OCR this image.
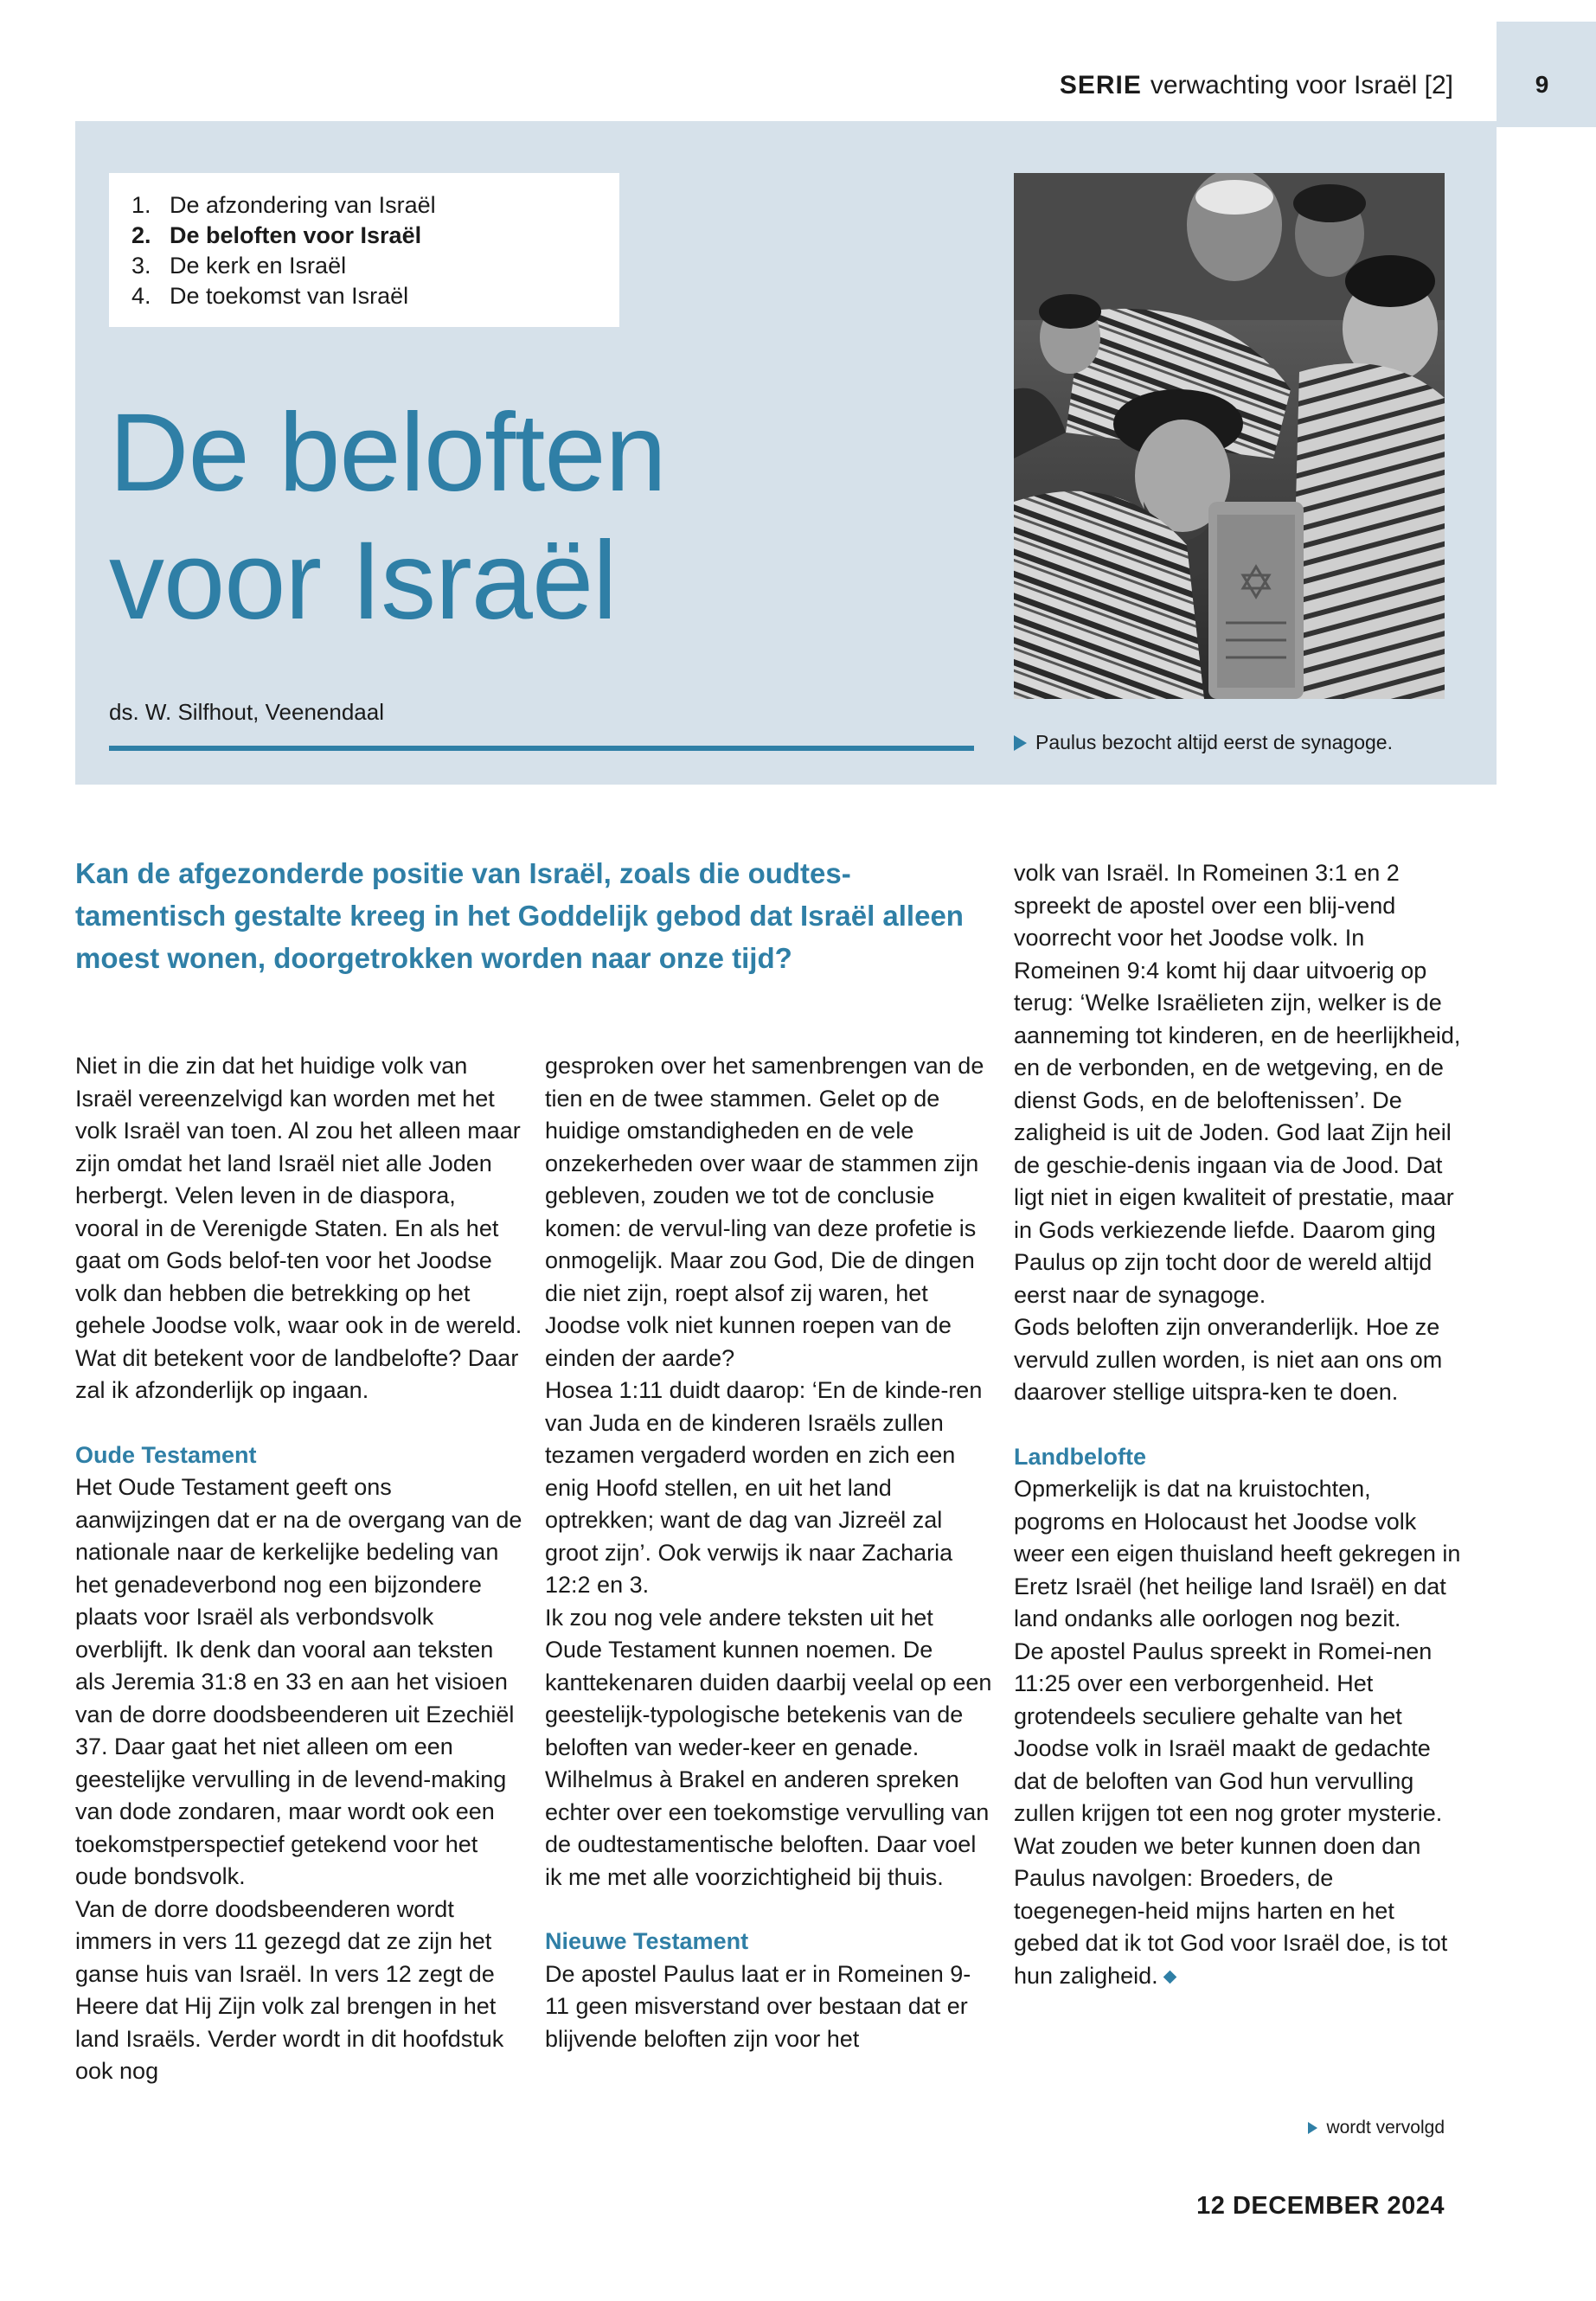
SERIE verwachting voor Israël [2]	9
1. De afzondering van Israël
2. De beloften voor Israël
3. De kerk en Israël
4. De toekomst van Israël
De beloften
voor Israël
ds. W. Silfhout, Veenendaal
Paulus bezocht altijd eerst de synagoge.
Kan de afgezonderde positie van Israël, zoals die oudtes-tamentisch gestalte kreeg in het Goddelijk gebod dat Israël alleen moest wonen, doorgetrokken worden naar onze tijd?

Niet in die zin dat het huidige volk van Israël vereenzelvigd kan worden met het volk Israël van toen. Al zou het alleen maar zijn omdat het land Israël niet alle Joden herbergt. Velen leven in de diaspora, vooral in de Verenigde Staten. En als het gaat om Gods belof-ten voor het Joodse volk dan hebben die betrekking op het gehele Joodse volk, waar ook in de wereld. Wat dit betekent voor de landbelofte? Daar zal ik afzonderlijk op ingaan.

Oude Testament

Het Oude Testament geeft ons aanwijzingen dat er na de overgang van de nationale naar de kerkelijke bedeling van het genadeverbond nog een bijzondere plaats voor Israël als verbondsvolk overblijft. Ik denk dan vooral aan teksten als Jeremia 31:8 en 33 en aan het visioen van de dorre doodsbeenderen uit Ezechiël 37. Daar gaat het niet alleen om een geestelijke vervulling in de levend-making van dode zondaren, maar wordt ook een toekomstperspectief getekend voor het oude bondsvolk.

Van de dorre doodsbeenderen wordt immers in vers 11 gezegd dat ze zijn het ganse huis van Israël. In vers 12 zegt de Heere dat Hij Zijn volk zal brengen in het land Israëls. Verder wordt in dit hoofdstuk ook nog

gesproken over het samenbrengen van de tien en de twee stammen. Gelet op de huidige omstandigheden en de vele onzekerheden over waar de stammen zijn gebleven, zouden we tot de conclusie komen: de vervul-ling van deze profetie is onmogelijk. Maar zou God, Die de dingen die niet zijn, roept alsof zij waren, het Joodse volk niet kunnen roepen van de einden der aarde?

Hosea 1:11 duidt daarop: ‘En de kinde-ren van Juda en de kinderen Israëls zullen tezamen vergaderd worden en zich een enig Hoofd stellen, en uit het land optrekken; want de dag van Jizreël zal groot zijn’. Ook verwijs ik naar Zacharia 12:2 en 3.

Ik zou nog vele andere teksten uit het Oude Testament kunnen noemen. De kanttekenaren duiden daarbij veelal op een geestelijk-typologische betekenis van de beloften van weder-keer en genade.

Wilhelmus à Brakel en anderen spreken echter over een toekomstige vervulling van de oudtestamentische beloften. Daar voel ik me met alle voorzichtigheid bij thuis.

Nieuwe Testament

De apostel Paulus laat er in Romeinen 9-11 geen misverstand over bestaan dat er blijvende beloften zijn voor het

volk van Israël. In Romeinen 3:1 en 2 spreekt de apostel over een blij-vend voorrecht voor het Joodse volk. In Romeinen 9:4 komt hij daar uitvoerig op terug: ‘Welke Israëlieten zijn, welker is de aanneming tot kinderen, en de heerlijkheid, en de verbonden, en de wetgeving, en de dienst Gods, en de beloftenissen’. De zaligheid is uit de Joden. God laat Zijn heil de geschie-denis ingaan via de Jood. Dat ligt niet in eigen kwaliteit of prestatie, maar in Gods verkiezende liefde. Daarom ging Paulus op zijn tocht door de wereld altijd eerst naar de synagoge.

Gods beloften zijn onveranderlijk. Hoe ze vervuld zullen worden, is niet aan ons om daarover stellige uitspra-ken te doen.

Landbelofte

Opmerkelijk is dat na kruistochten, pogroms en Holocaust het Joodse volk weer een eigen thuisland heeft gekregen in Eretz Israël (het heilige land Israël) en dat land ondanks alle oorlogen nog bezit.

De apostel Paulus spreekt in Romei-nen 11:25 over een verborgenheid. Het grotendeels seculiere gehalte van het Joodse volk in Israël maakt de gedachte dat de beloften van God hun vervulling zullen krijgen tot een nog groter mysterie. Wat zouden we beter kunnen doen dan Paulus navolgen: Broeders, de toegenegen-heid mijns harten en het gebed dat ik tot God voor Israël doe, is tot hun zaligheid.

wordt vervolgd
12 DECEMBER 2024
